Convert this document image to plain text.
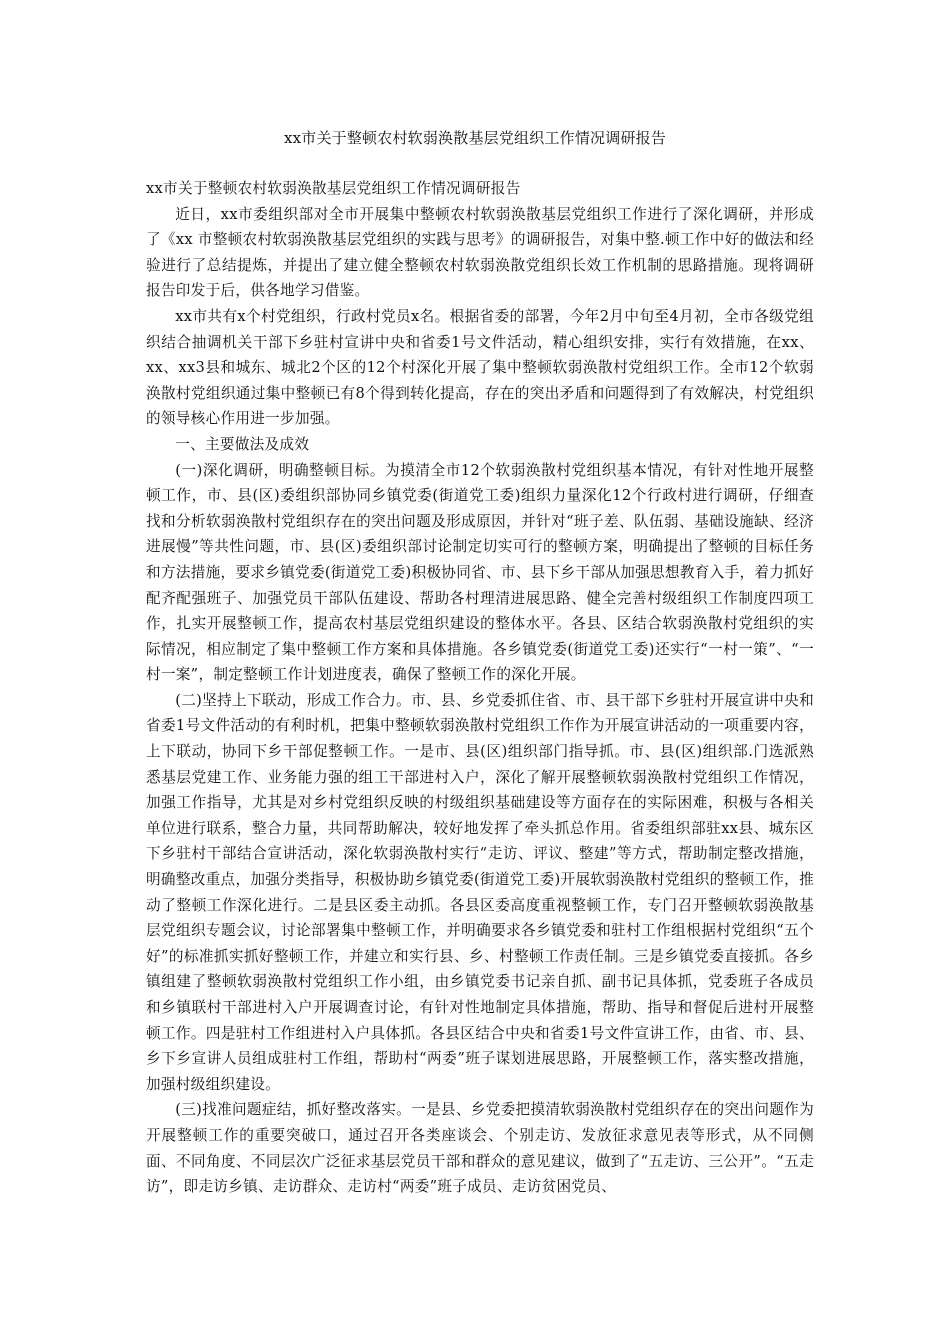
xx市关于整顿农村软弱涣散基层党组织工作情况调研报告

xx市关于整顿农村软弱涣散基层党组织工作情况调研报告

近日，xx市委组织部对全市开展集中整顿农村软弱涣散基层党组织工作进行了深化调研，并形成了《xx 市整顿农村软弱涣散基层党组织的实践与思考》的调研报告，对集中整.顿工作中好的做法和经验进行了总结提炼，并提出了建立健全整顿农村软弱涣散党组织长效工作机制的思路措施。现将调研报告印发于后，供各地学习借鉴。

xx市共有x个村党组织，行政村党员x名。根据省委的部署，今年2月中旬至4月初，全市各级党组织结合抽调机关干部下乡驻村宣讲中央和省委1号文件活动，精心组织安排，实行有效措施，在xx、xx、xx3县和城东、城北2个区的12个村深化开展了集中整顿软弱涣散村党组织工作。全市12个软弱涣散村党组织通过集中整顿已有8个得到转化提高，存在的突出矛盾和问题得到了有效解决，村党组织的领导核心作用进一步加强。

一、主要做法及成效

(一)深化调研，明确整顿目标。为摸清全市12个软弱涣散村党组织基本情况，有针对性地开展整顿工作，市、县(区)委组织部协同乡镇党委(街道党工委)组织力量深化12个行政村进行调研，仔细查找和分析软弱涣散村党组织存在的突出问题及形成原因，并针对“班子差、队伍弱、基础设施缺、经济进展慢”等共性问题，市、县(区)委组织部讨论制定切实可行的整顿方案，明确提出了整顿的目标任务和方法措施，要求乡镇党委(街道党工委)积极协同省、市、县下乡干部从加强思想教育入手，着力抓好配齐配强班子、加强党员干部队伍建设、帮助各村理清进展思路、健全完善村级组织工作制度四项工作，扎实开展整顿工作，提高农村基层党组织建设的整体水平。各县、区结合软弱涣散村党组织的实际情况，相应制定了集中整顿工作方案和具体措施。各乡镇党委(街道党工委)还实行“一村一策”、“一村一案”，制定整顿工作计划进度表，确保了整顿工作的深化开展。

(二)坚持上下联动，形成工作合力。市、县、乡党委抓住省、市、县干部下乡驻村开展宣讲中央和省委1号文件活动的有利时机，把集中整顿软弱涣散村党组织工作作为开展宣讲活动的一项重要内容，上下联动，协同下乡干部促整顿工作。一是市、县(区)组织部门指导抓。市、县(区)组织部.门选派熟悉基层党建工作、业务能力强的组工干部进村入户，深化了解开展整顿软弱涣散村党组织工作情况，加强工作指导，尤其是对乡村党组织反映的村级组织基础建设等方面存在的实际困难，积极与各相关单位进行联系，整合力量，共同帮助解决，较好地发挥了牵头抓总作用。省委组织部驻xx县、城东区下乡驻村干部结合宣讲活动，深化软弱涣散村实行“走访、评议、整建”等方式，帮助制定整改措施，明确整改重点，加强分类指导，积极协助乡镇党委(街道党工委)开展软弱涣散村党组织的整顿工作，推动了整顿工作深化进行。二是县区委主动抓。各县区委高度重视整顿工作，专门召开整顿软弱涣散基层党组织专题会议，讨论部署集中整顿工作，并明确要求各乡镇党委和驻村工作组根据村党组织“五个好”的标准抓实抓好整顿工作，并建立和实行县、乡、村整顿工作责任制。三是乡镇党委直接抓。各乡镇组建了整顿软弱涣散村党组织工作小组，由乡镇党委书记亲自抓、副书记具体抓，党委班子各成员和乡镇联村干部进村入户开展调查讨论，有针对性地制定具体措施，帮助、指导和督促后进村开展整顿工作。四是驻村工作组进村入户具体抓。各县区结合中央和省委1号文件宣讲工作，由省、市、县、乡下乡宣讲人员组成驻村工作组，帮助村“两委”班子谋划进展思路，开展整顿工作，落实整改措施，加强村级组织建设。

(三)找准问题症结，抓好整改落实。一是县、乡党委把摸清软弱涣散村党组织存在的突出问题作为开展整顿工作的重要突破口，通过召开各类座谈会、个别走访、发放征求意见表等形式，从不同侧面、不同角度、不同层次广泛征求基层党员干部和群众的意见建议，做到了“五走访、三公开”。“五走访”，即走访乡镇、走访群众、走访村“两委”班子成员、走访贫困党员、
